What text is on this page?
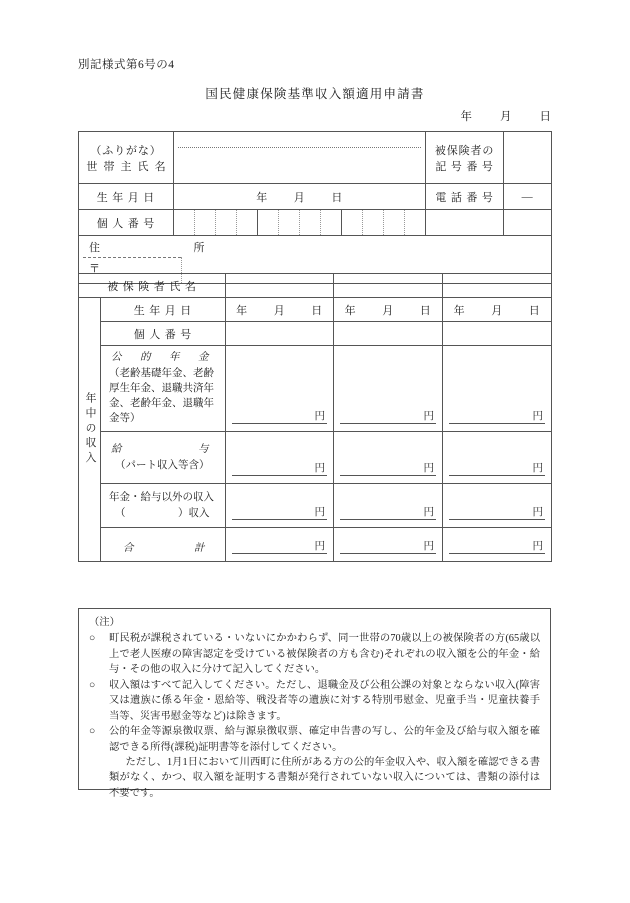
別記様式第6号の4
国民健康保険基準収入額適用申請書
年 月 日
（ふりがな）
世帯主氏名

被保険者の
記 号 番 号

生 年 月 日	年 月 日	電 話 番 号	—
個 人 番 号	

住　　　　所
〒			
被 保 険 者 氏 名				

年中の収入	生 年 月 日	年 月 日	年 月 日	年 月 日
	個 人 番 号			

	公 的 年 金
（老齢基礎年金、老齢厚生年金、退職共済年金、老齢年金、退職年金等）	円	円	円

	給 与
（パート収入等含）	円	円	円

	年金・給与以外の収入
（　　　　　）収入	円	円	円

	合 計	円	円	円
（注）
○	町民税が課税されている・いないにかかわらず、同一世帯の70歳以上の被保険者の方(65歳以上で老人医療の障害認定を受けている被保険者の方も含む)それぞれの収入額を公的年金・給与・その他の収入に分けて記入してください。
○	収入額はすべて記入してください。ただし、退職金及び公租公課の対象とならない収入(障害又は遺族に係る年金・恩給等、戦没者等の遺族に対する特別弔慰金、児童手当・児童扶養手当等、災害弔慰金等など)は除きます。
○	公的年金等源泉徴収票、給与源泉徴収票、確定申告書の写し、公的年金及び給与収入額を確認できる所得(課税)証明書等を添付してください。
ただし、1月1日において川西町に住所がある方の公的年金収入や、収入額を確認できる書類がなく、かつ、収入額を証明する書類が発行されていない収入については、書類の添付は不要です。
